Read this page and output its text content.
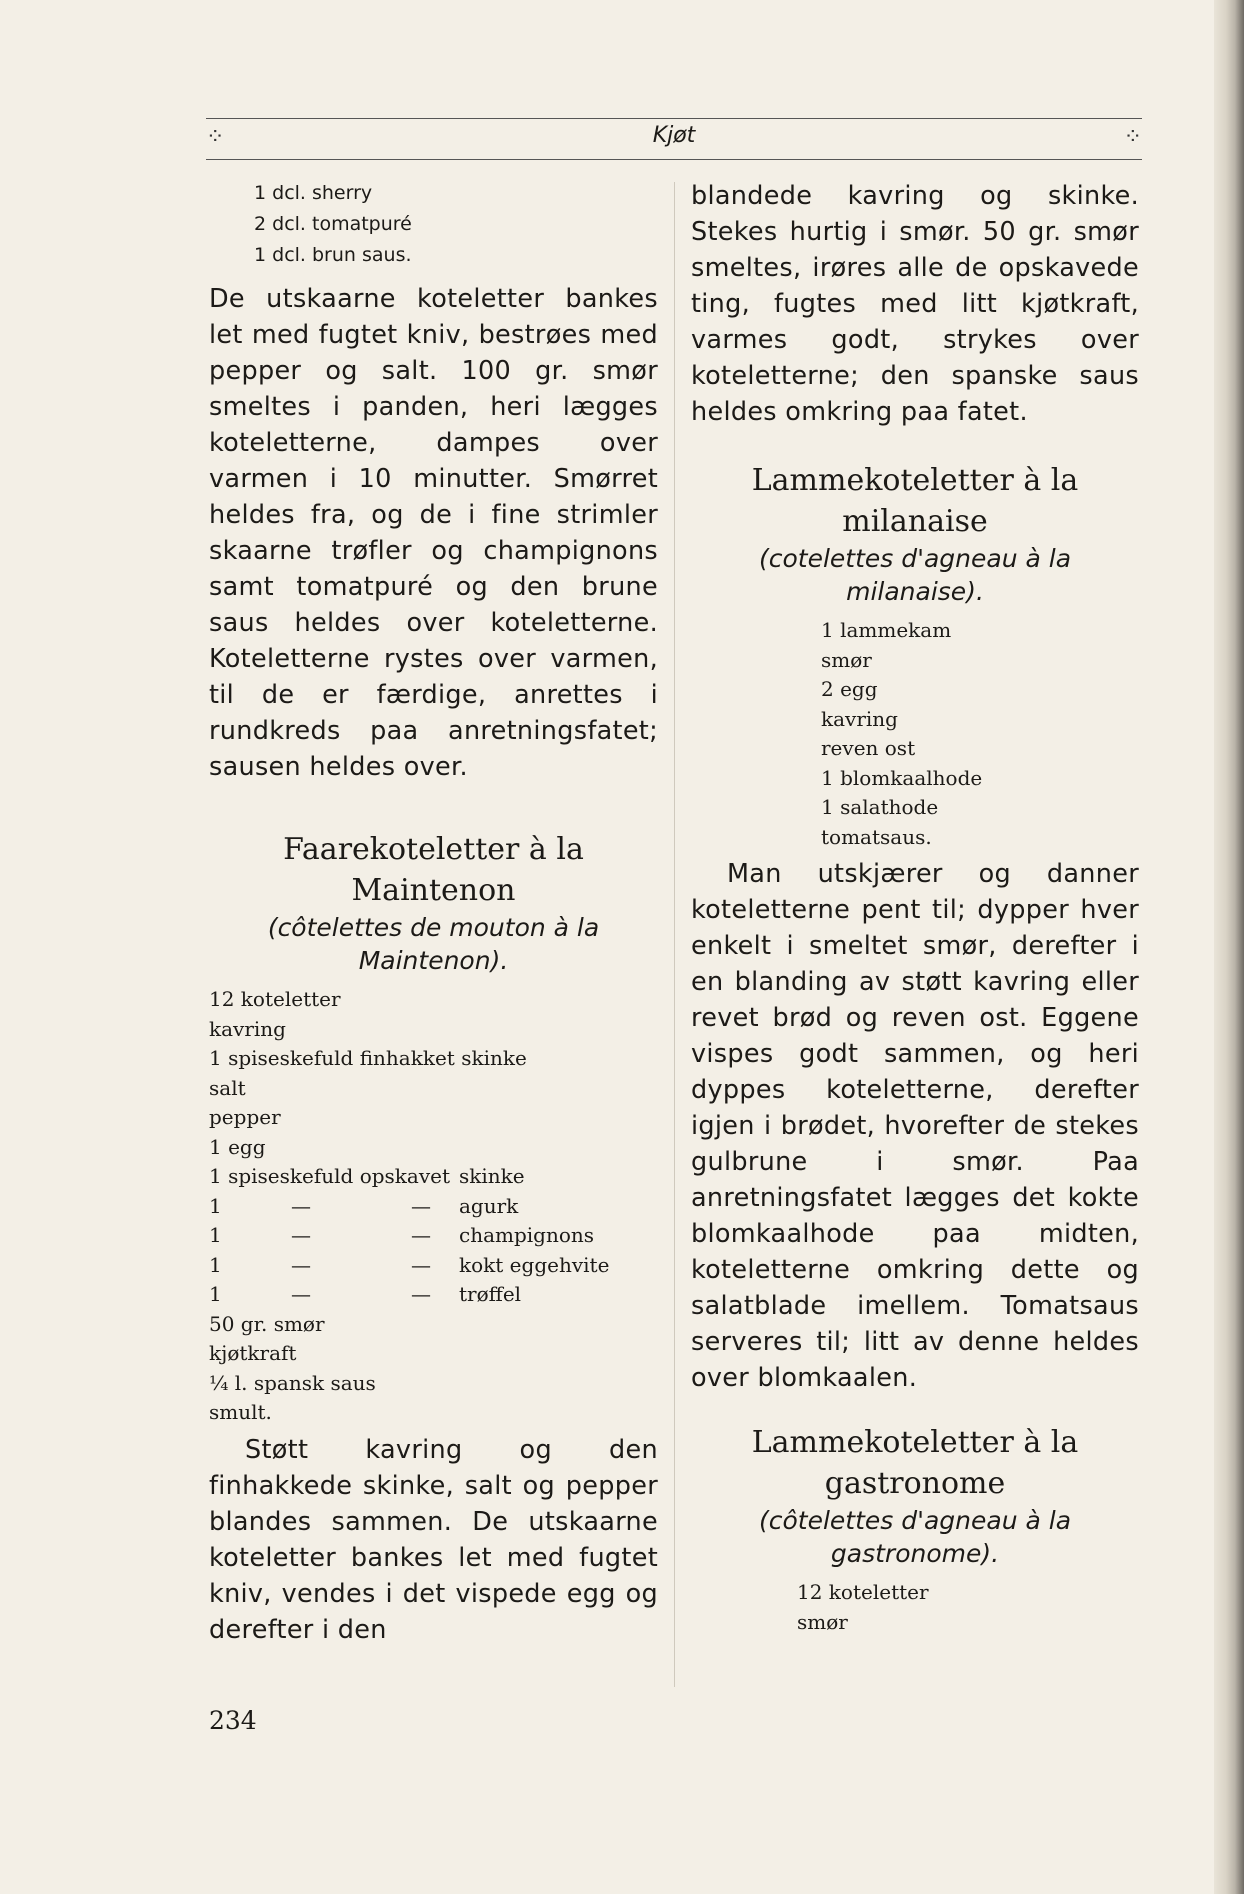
⁘	Kjøt	⁘
1 dcl. sherry
2 dcl. tomatpuré
1 dcl. brun saus.

De utskaarne koteletter bankes let med fugtet kniv, bestrøes med pepper og salt. 100 gr. smør smeltes i panden, heri lægges koteletterne, dampes over varmen i 10 minutter. Smørret heldes fra, og de i fine strimler skaarne trøfler og champignons samt tomatpuré og den brune saus heldes over koteletterne. Koteletterne rystes over varmen, til de er færdige, anrettes i rundkreds paa anretningsfatet; sausen heldes over.

Faarekoteletter à la Maintenon

(côtelettes de mouton à la Maintenon).

12 koteletter
kavring
1 spiseskefuld finhakket skinke
salt
pepper
1 egg
1 spiseskefuld opskavet			skinke
1	—	—	agurk
1	—	—	champignons
1	—	—	kokt eggehvite
1	—	—	trøffel
50 gr. smør
kjøtkraft
¼ l. spansk saus
smult.

Støtt kavring og den finhakkede skinke, salt og pepper blandes sammen. De utskaarne koteletter bankes let med fugtet kniv, vendes i det vispede egg og derefter i den

blandede kavring og skinke. Stekes hurtig i smør. 50 gr. smør smeltes, irøres alle de opskavede ting, fugtes med litt kjøtkraft, varmes godt, strykes over koteletterne; den spanske saus heldes omkring paa fatet.

Lammekoteletter à la milanaise

(cotelettes d'agneau à la milanaise).

1 lammekam
smør
2 egg
kavring
reven ost
1 blomkaalhode
1 salathode
tomatsaus.

Man utskjærer og danner koteletterne pent til; dypper hver enkelt i smeltet smør, derefter i en blanding av støtt kavring eller revet brød og reven ost. Eggene vispes godt sammen, og heri dyppes koteletterne, derefter igjen i brødet, hvorefter de stekes gulbrune i smør. Paa anretningsfatet lægges det kokte blomkaalhode paa midten, koteletterne omkring dette og salatblade imellem. Tomatsaus serveres til; litt av denne heldes over blomkaalen.

Lammekoteletter à la gastronome

(côtelettes d'agneau à la gastronome).

12 koteletter
smør
234
